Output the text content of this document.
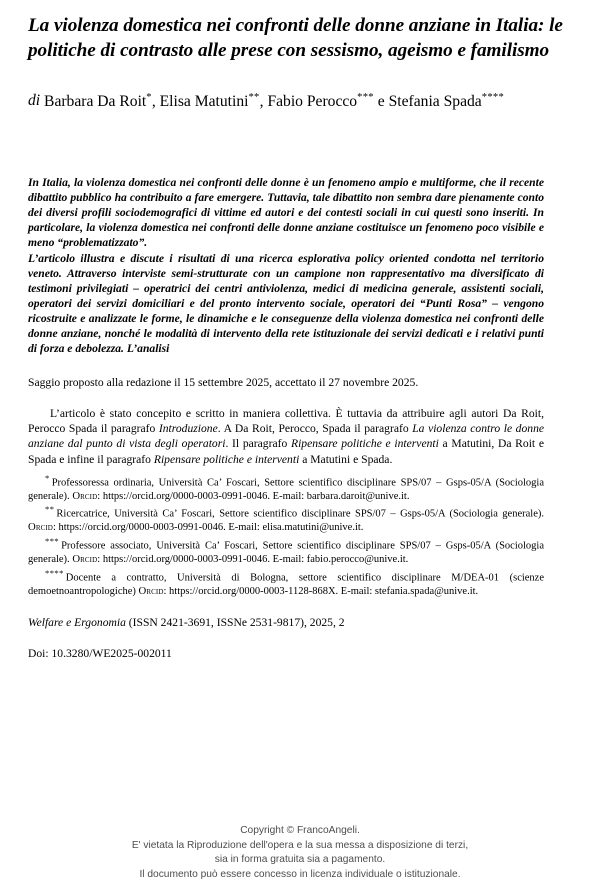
La violenza domestica nei confronti delle donne anziane in Italia: le politiche di contrasto alle prese con sessismo, ageismo e familismo
di Barbara Da Roit*, Elisa Matutini**, Fabio Perocco*** e Stefania Spada****

In Italia, la violenza domestica nei confronti delle donne è un fenomeno ampio e multiforme, che il recente dibattito pubblico ha contribuito a fare emergere. Tuttavia, tale dibattito non sembra dare pienamente conto dei diversi profili sociodemografici di vittime ed autori e dei contesti sociali in cui questi sono inseriti. In particolare, la violenza domestica nei confronti delle donne anziane costituisce un fenomeno poco visibile e meno “problematizzato”.

L’articolo illustra e discute i risultati di una ricerca esplorativa policy oriented condotta nel territorio veneto. Attraverso interviste semi-strutturate con un campione non rappresentativo ma diversificato di testimoni privilegiati – operatrici dei centri antiviolenza, medici di medicina generale, assistenti sociali, operatori dei servizi domiciliari e del pronto intervento sociale, operatori dei “Punti Rosa” – vengono ricostruite e analizzate le forme, le dinamiche e le conseguenze della violenza domestica nei confronti delle donne anziane, nonché le modalità di intervento della rete istituzionale dei servizi dedicati e i relativi punti di forza e debolezza. L’analisi

Saggio proposto alla redazione il 15 settembre 2025, accettato il 27 novembre 2025.

L’articolo è stato concepito e scritto in maniera collettiva. È tuttavia da attribuire agli autori Da Roit, Perocco Spada il paragrafo Introduzione. A Da Roit, Perocco, Spada il paragrafo La violenza contro le donne anziane dal punto di vista degli operatori. Il paragrafo Ripensare politiche e interventi a Matutini, Da Roit e Spada e infine il paragrafo Ripensare politiche e interventi a Matutini e Spada.

* Professoressa ordinaria, Università Ca’ Foscari, Settore scientifico disciplinare SPS/07 – Gsps-05/A (Sociologia generale). Orcid: https://orcid.org/0000-0003-0991-0046. E-mail: barbara.daroit@unive.it.

** Ricercatrice, Università Ca’ Foscari, Settore scientifico disciplinare SPS/07 – Gsps-05/A (Sociologia generale). Orcid: https://orcid.org/0000-0003-0991-0046. E-mail: elisa.matutini@unive.it.

*** Professore associato, Università Ca’ Foscari, Settore scientifico disciplinare SPS/07 – Gsps-05/A (Sociologia generale). Orcid: https://orcid.org/0000-0003-0991-0046. E-mail: fabio.perocco@unive.it.

**** Docente a contratto, Università di Bologna, settore scientifico disciplinare M/DEA-01 (scienze demoetnoantropologiche) Orcid: https://orcid.org/0000-0003-1128-868X. E-mail: stefania.spada@unive.it.

Welfare e Ergonomia (ISSN 2421-3691, ISSNe 2531-9817), 2025, 2

Doi: 10.3280/WE2025-002011

Copyright © FrancoAngeli.
E' vietata la Riproduzione dell'opera e la sua messa a disposizione di terzi,
sia in forma gratuita sia a pagamento.
Il documento può essere concesso in licenza individuale o istituzionale.
